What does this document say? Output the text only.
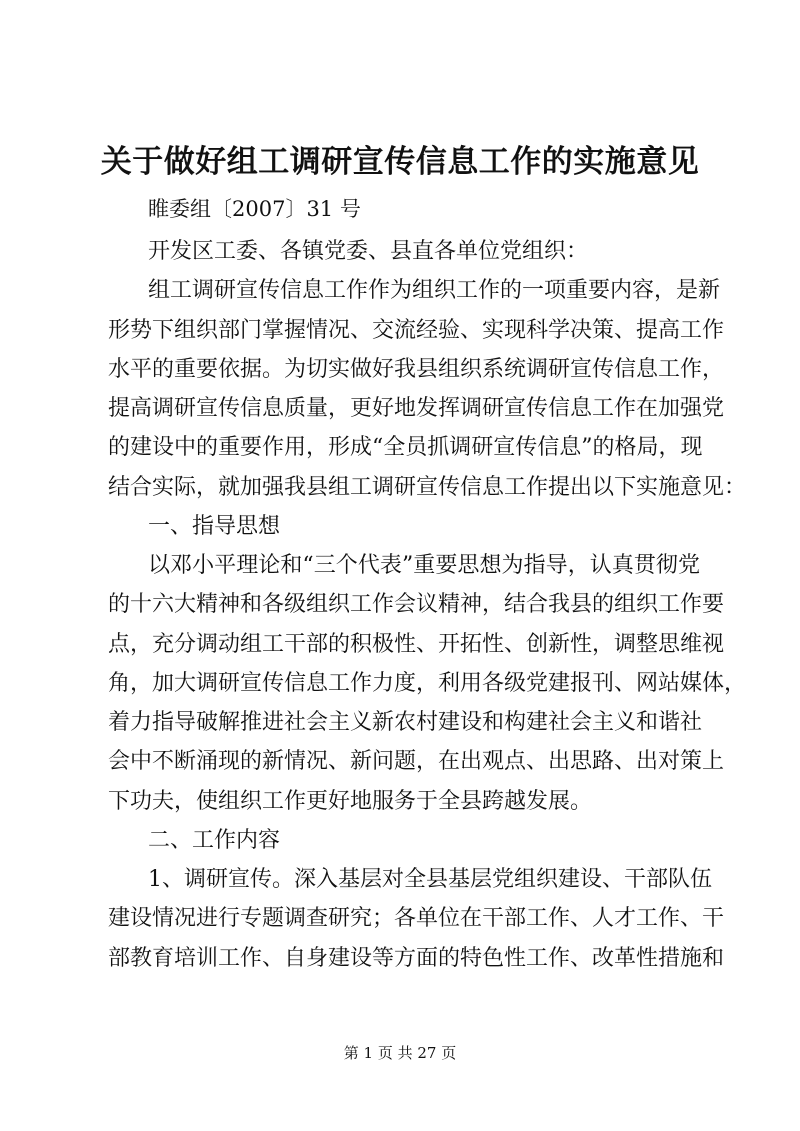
关于做好组工调研宣传信息工作的实施意见
睢委组〔2007〕31 号
开发区工委、各镇党委、县直各单位党组织：
组工调研宣传信息工作作为组织工作的一项重要内容，是新
形势下组织部门掌握情况、交流经验、实现科学决策、提高工作
水平的重要依据。为切实做好我县组织系统调研宣传信息工作，
提高调研宣传信息质量，更好地发挥调研宣传信息工作在加强党
的建设中的重要作用，形成“全员抓调研宣传信息”的格局，现
结合实际，就加强我县组工调研宣传信息工作提出以下实施意见：
一、指导思想
以邓小平理论和“三个代表”重要思想为指导，认真贯彻党
的十六大精神和各级组织工作会议精神，结合我县的组织工作要
点，充分调动组工干部的积极性、开拓性、创新性，调整思维视
角，加大调研宣传信息工作力度，利用各级党建报刊、网站媒体，
着力指导破解推进社会主义新农村建设和构建社会主义和谐社
会中不断涌现的新情况、新问题，在出观点、出思路、出对策上
下功夫，使组织工作更好地服务于全县跨越发展。
二、工作内容
1、调研宣传。深入基层对全县基层党组织建设、干部队伍
建设情况进行专题调查研究；各单位在干部工作、人才工作、干
部教育培训工作、自身建设等方面的特色性工作、改革性措施和
第 1 页 共 27 页
